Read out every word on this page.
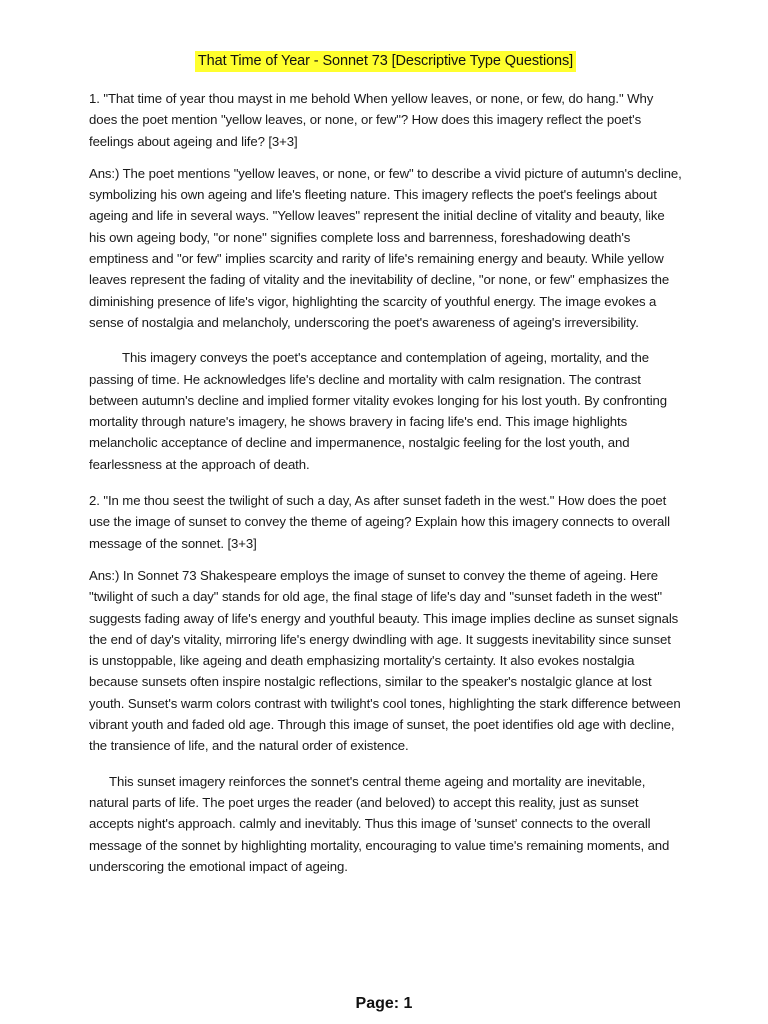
That Time of Year - Sonnet 73 [Descriptive Type Questions]

1. "That time of year thou mayst in me behold When yellow leaves, or none, or few, do hang." Why does the poet mention "yellow leaves, or none, or few"? How does this imagery reflect the poet's feelings about ageing and life? [3+3]

Ans:) The poet mentions "yellow leaves, or none, or few" to describe a vivid picture of autumn's decline, symbolizing his own ageing and life's fleeting nature. This imagery reflects the poet's feelings about ageing and life in several ways. "Yellow leaves" represent the initial decline of vitality and beauty, like his own ageing body, "or none" signifies complete loss and barrenness, foreshadowing death's emptiness and "or few" implies scarcity and rarity of life's remaining energy and beauty. While yellow leaves represent the fading of vitality and the inevitability of decline, "or none, or few" emphasizes the diminishing presence of life's vigor, highlighting the scarcity of youthful energy. The image evokes a sense of nostalgia and melancholy, underscoring the poet's awareness of ageing's irreversibility.

This imagery conveys the poet's acceptance and contemplation of ageing, mortality, and the passing of time. He acknowledges life's decline and mortality with calm resignation. The contrast between autumn's decline and implied former vitality evokes longing for his lost youth. By confronting mortality through nature's imagery, he shows bravery in facing life's end. This image highlights melancholic acceptance of decline and impermanence, nostalgic feeling for the lost youth, and fearlessness at the approach of death.

2. "In me thou seest the twilight of such a day, As after sunset fadeth in the west." How does the poet use the image of sunset to convey the theme of ageing? Explain how this imagery connects to overall message of the sonnet. [3+3]

Ans:) In Sonnet 73 Shakespeare employs the image of sunset to convey the theme of ageing. Here "twilight of such a day" stands for old age, the final stage of life's day and "sunset fadeth in the west" suggests fading away of life's energy and youthful beauty. This image implies decline as sunset signals the end of day's vitality, mirroring life's energy dwindling with age. It suggests inevitability since sunset is unstoppable, like ageing and death emphasizing mortality's certainty. It also evokes nostalgia because sunsets often inspire nostalgic reflections, similar to the speaker's nostalgic glance at lost youth. Sunset's warm colors contrast with twilight's cool tones, highlighting the stark difference between vibrant youth and faded old age. Through this image of sunset, the poet identifies old age with decline, the transience of life, and the natural order of existence.

This sunset imagery reinforces the sonnet's central theme ageing and mortality are inevitable, natural parts of life. The poet urges the reader (and beloved) to accept this reality, just as sunset accepts night's approach. calmly and inevitably. Thus this image of 'sunset' connects to the overall message of the sonnet by highlighting mortality, encouraging to value time's remaining moments, and underscoring the emotional impact of ageing.

Page: 1
